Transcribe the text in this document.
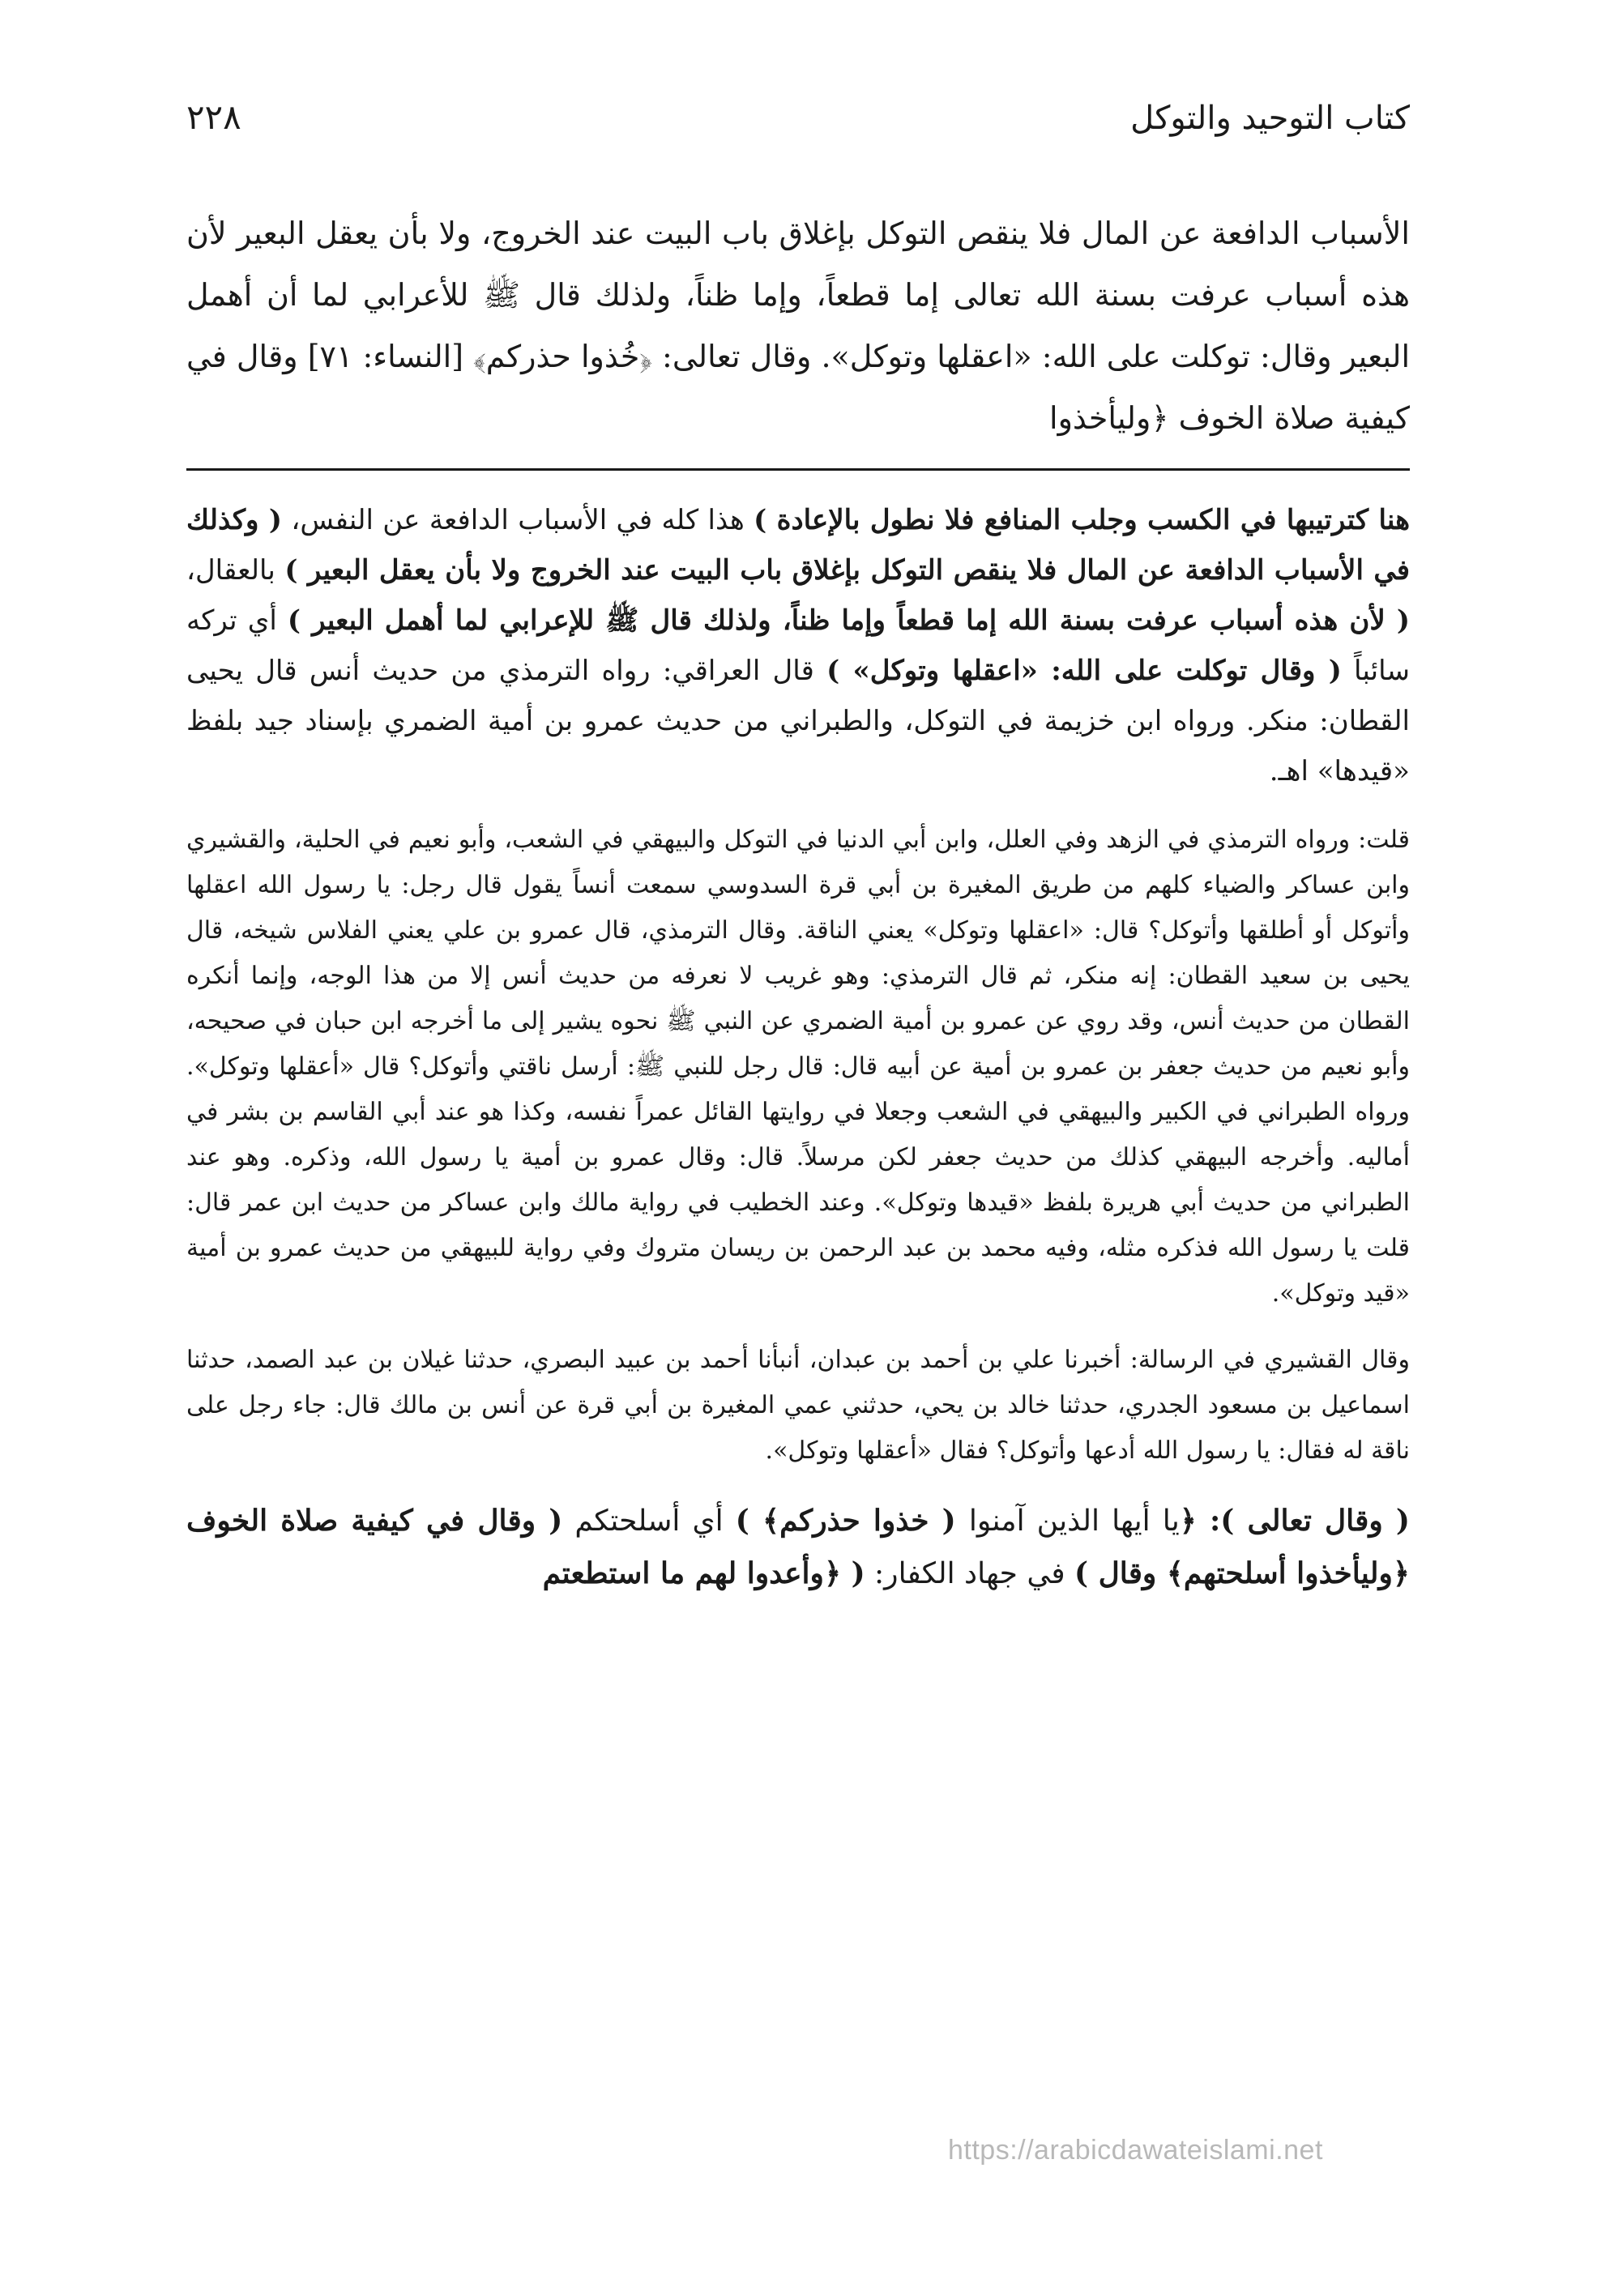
كتاب التوحيد والتوكل
٢٢٨
الأسباب الدافعة عن المال فلا ينقص التوكل بإغلاق باب البيت عند الخروج، ولا بأن يعقل البعير لأن هذه أسباب عرفت بسنة الله تعالى إما قطعاً، وإما ظناً، ولذلك قال ﷺ للأعرابي لما أن أهمل البعير وقال: توكلت على الله: «اعقلها وتوكل». وقال تعالى: ﴿خُذوا حذركم﴾ [النساء: ٧١] وقال في كيفية صلاة الخوف ﴿وليأخذوا

هنا كترتيبها في الكسب وجلب المنافع فلا نطول بالإعادة ) هذا كله في الأسباب الدافعة عن النفس، ( وكذلك في الأسباب الدافعة عن المال فلا ينقص التوكل بإغلاق باب البيت عند الخروج ولا بأن يعقل البعير ) بالعقال، ( لأن هذه أسباب عرفت بسنة الله إما قطعاً وإما ظناً، ولذلك قال ﷺ للإعرابي لما أهمل البعير ) أي تركه سائباً ( وقال توكلت على الله: «اعقلها وتوكل» ) قال العراقي: رواه الترمذي من حديث أنس قال يحيى القطان: منكر. ورواه ابن خزيمة في التوكل، والطبراني من حديث عمرو بن أمية الضمري بإسناد جيد بلفظ «قيدها» اهـ.

قلت: ورواه الترمذي في الزهد وفي العلل، وابن أبي الدنيا في التوكل والبيهقي في الشعب، وأبو نعيم في الحلية، والقشيري وابن عساكر والضياء كلهم من طريق المغيرة بن أبي قرة السدوسي سمعت أنساً يقول قال رجل: يا رسول الله اعقلها وأتوكل أو أطلقها وأتوكل؟ قال: «اعقلها وتوكل» يعني الناقة. وقال الترمذي، قال عمرو بن علي يعني الفلاس شيخه، قال يحيى بن سعيد القطان: إنه منكر، ثم قال الترمذي: وهو غريب لا نعرفه من حديث أنس إلا من هذا الوجه، وإنما أنكره القطان من حديث أنس، وقد روي عن عمرو بن أمية الضمري عن النبي ﷺ نحوه يشير إلى ما أخرجه ابن حبان في صحيحه، وأبو نعيم من حديث جعفر بن عمرو بن أمية عن أبيه قال: قال رجل للنبي ﷺ: أرسل ناقتي وأتوكل؟ قال «أعقلها وتوكل». ورواه الطبراني في الكبير والبيهقي في الشعب وجعلا في روايتها القائل عمراً نفسه، وكذا هو عند أبي القاسم بن بشر في أماليه. وأخرجه البيهقي كذلك من حديث جعفر لكن مرسلاً. قال: وقال عمرو بن أمية يا رسول الله، وذكره. وهو عند الطبراني من حديث أبي هريرة بلفظ «قيدها وتوكل». وعند الخطيب في رواية مالك وابن عساكر من حديث ابن عمر قال: قلت يا رسول الله فذكره مثله، وفيه محمد بن عبد الرحمن بن ريسان متروك وفي رواية للبيهقي من حديث عمرو بن أمية «قيد وتوكل».

وقال القشيري في الرسالة: أخبرنا علي بن أحمد بن عبدان، أنبأنا أحمد بن عبيد البصري، حدثنا غيلان بن عبد الصمد، حدثنا اسماعيل بن مسعود الجدري، حدثنا خالد بن يحي، حدثني عمي المغيرة بن أبي قرة عن أنس بن مالك قال: جاء رجل على ناقة له فقال: يا رسول الله أدعها وأتوكل؟ فقال «أعقلها وتوكل».

( وقال تعالى ): ﴿يا أيها الذين آمنوا ( خذوا حذركم﴾ ) أي أسلحتكم ( وقال في كيفية صلاة الخوف ﴿وليأخذوا أسلحتهم﴾ وقال ) في جهاد الكفار: ( ﴿وأعدوا لهم ما استطعتم

https://arabicdawateislami.net
